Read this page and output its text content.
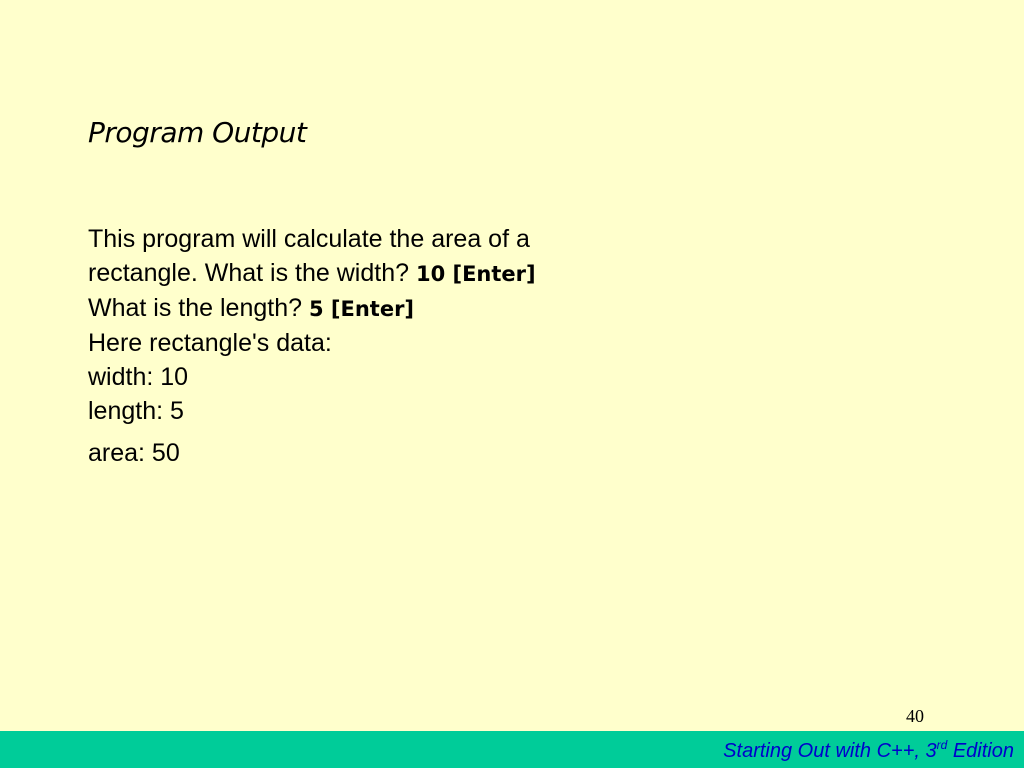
Program Output
This program will calculate the area of a
rectangle. What is the width? 10 [Enter]
What is the length? 5 [Enter]
Here rectangle's data:
width: 10
length: 5
area: 50
40
Starting Out with C++, 3rd Edition
